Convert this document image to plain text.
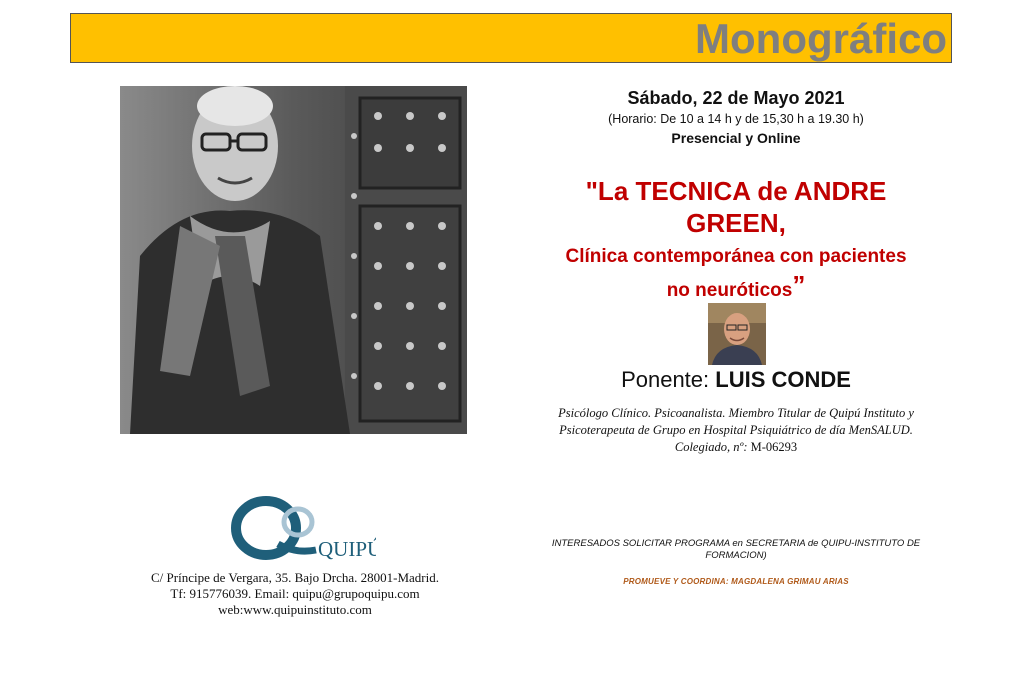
Monográfico
Sábado, 22 de Mayo 2021
(Horario: De 10 a 14 h y de 15,30 h a 19.30 h)
Presencial y Online
"La TECNICA de ANDRE
GREEN,
Clínica contemporánea con pacientes
no neuróticos”
Ponente: LUIS CONDE
Psicólogo Clínico. Psicoanalista. Miembro Titular de Quipú Instituto y
Psicoterapeuta de Grupo en Hospital Psiquiátrico de día MenSALUD.
Colegiado, nº: M-06293
QUIPÚ
C/ Príncipe de Vergara, 35. Bajo Drcha. 28001-Madrid.
Tf: 915776039. Email: quipu@grupoquipu.com
web:www.quipuinstituto.com
INTERESADOS SOLICITAR PROGRAMA en SECRETARIA de QUIPU-INSTITUTO DE
FORMACION)
PROMUEVE Y COORDINA: MAGDALENA GRIMAU ARIAS
